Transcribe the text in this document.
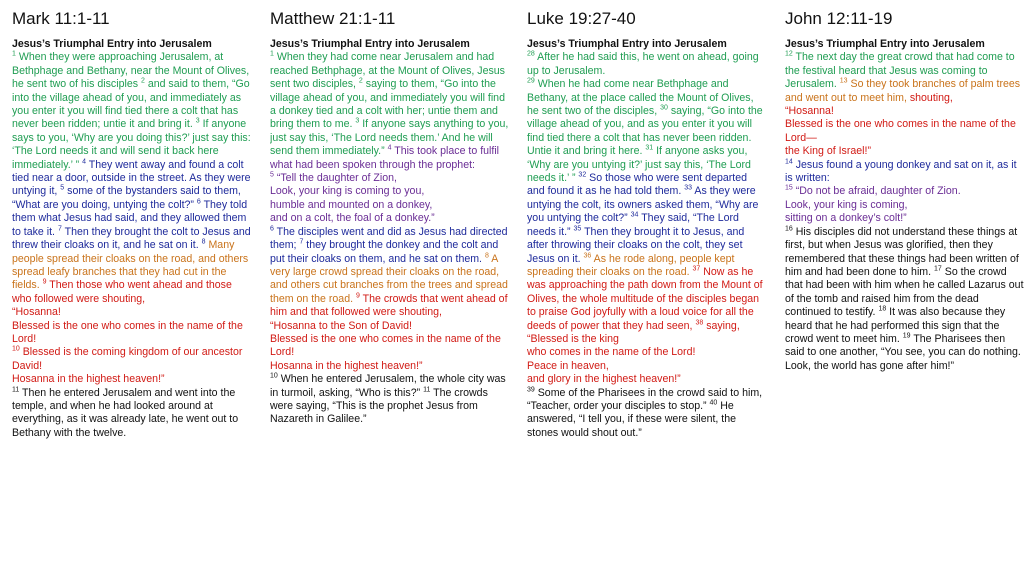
Mark 11:1-11
Jesus’s Triumphal Entry into Jerusalem
$^1$ When they were approaching Jerusalem, at Bethphage and Bethany, near the Mount of Olives, he sent two of his disciples $^2$ and said to them, “Go into the village ahead of you, and immediately as you enter it you will find tied there a colt that has never been ridden; untie it and bring it. $^3$ If anyone says to you, ‘Why are you doing this?’ just say this: ‘The Lord needs it and will send it back here immediately.’ ” $^4$ They went away and found a colt tied near a door, outside in the street. As they were untying it, $^5$ some of the bystanders said to them, “What are you doing, untying the colt?” $^6$ They told them what Jesus had said, and they allowed them to take it. $^7$ Then they brought the colt to Jesus and threw their cloaks on it, and he sat on it. $^8$ Many people spread their cloaks on the road, and others spread leafy branches that they had cut in the fields. $^9$ Then those who went ahead and those who followed were shouting,
“Hosanna!
Blessed is the one who comes in the name of the Lord!
$^{10}$ Blessed is the coming kingdom of our ancestor David!
Hosanna in the highest heaven!”
$^{11}$ Then he entered Jerusalem and went into the temple, and when he had looked around at everything, as it was already late, he went out to Bethany with the twelve.
Matthew 21:1-11
Jesus’s Triumphal Entry into Jerusalem
$^1$ When they had come near Jerusalem and had reached Bethphage, at the Mount of Olives, Jesus sent two disciples, $^2$ saying to them, “Go into the village ahead of you, and immediately you will find a donkey tied and a colt with her; untie them and bring them to me. $^3$ If anyone says anything to you, just say this, ‘The Lord needs them.’ And he will send them immediately.” $^4$ This took place to fulfil what had been spoken through the prophet:
$^5$ “Tell the daughter of Zion,
Look, your king is coming to you,
humble and mounted on a donkey,
and on a colt, the foal of a donkey.”
$^6$ The disciples went and did as Jesus had directed them; $^7$ they brought the donkey and the colt and put their cloaks on them, and he sat on them. $^8$ A very large crowd spread their cloaks on the road, and others cut branches from the trees and spread them on the road. $^9$ The crowds that went ahead of him and that followed were shouting,
“Hosanna to the Son of David!
Blessed is the one who comes in the name of the Lord!
Hosanna in the highest heaven!”
$^{10}$ When he entered Jerusalem, the whole city was in turmoil, asking, “Who is this?” $^{11}$ The crowds were saying, “This is the prophet Jesus from Nazareth in Galilee.”
Luke 19:27-40
Jesus’s Triumphal Entry into Jerusalem
$^{28}$ After he had said this, he went on ahead, going up to Jerusalem.
$^{29}$ When he had come near Bethphage and Bethany, at the place called the Mount of Olives, he sent two of the disciples, $^{30}$ saying, “Go into the village ahead of you, and as you enter it you will find tied there a colt that has never been ridden. Untie it and bring it here. $^{31}$ If anyone asks you, ‘Why are you untying it?’ just say this, ‘The Lord needs it.’ ” $^{32}$ So those who were sent departed and found it as he had told them. $^{33}$ As they were untying the colt, its owners asked them, “Why are you untying the colt?” $^{34}$ They said, “The Lord needs it.” $^{35}$ Then they brought it to Jesus, and after throwing their cloaks on the colt, they set Jesus on it. $^{36}$ As he rode along, people kept spreading their cloaks on the road. $^{37}$ Now as he was approaching the path down from the Mount of Olives, the whole multitude of the disciples began to praise God joyfully with a loud voice for all the deeds of power that they had seen, $^{38}$ saying,
“Blessed is the king
who comes in the name of the Lord!
Peace in heaven,
and glory in the highest heaven!”
$^{39}$ Some of the Pharisees in the crowd said to him, “Teacher, order your disciples to stop.” $^{40}$ He answered, “I tell you, if these were silent, the stones would shout out.”
John 12:11-19
Jesus’s Triumphal Entry into Jerusalem
$^{12}$ The next day the great crowd that had come to the festival heard that Jesus was coming to Jerusalem. $^{13}$ So they took branches of palm trees and went out to meet him, shouting,
“Hosanna!
Blessed is the one who comes in the name of the Lord—
the King of Israel!”
$^{14}$ Jesus found a young donkey and sat on it, as it is written:
$^{15}$ “Do not be afraid, daughter of Zion.
Look, your king is coming,
sitting on a donkey’s colt!”
$^{16}$ His disciples did not understand these things at first, but when Jesus was glorified, then they remembered that these things had been written of him and had been done to him. $^{17}$ So the crowd that had been with him when he called Lazarus out of the tomb and raised him from the dead continued to testify. $^{18}$ It was also because they heard that he had performed this sign that the crowd went to meet him. $^{19}$ The Pharisees then said to one another, “You see, you can do nothing. Look, the world has gone after him!”
